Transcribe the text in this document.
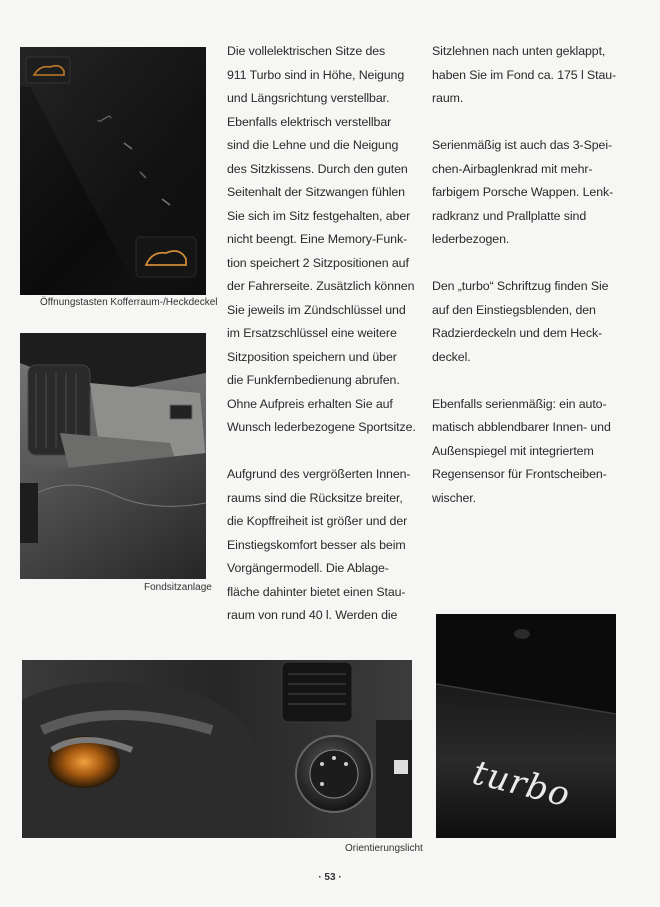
ʃ
Öffnungstasten Kofferraum-/Heckdeckel
Fondsitzanlage
Die vollelektrischen Sitze des
911 Turbo sind in Höhe, Neigung
und Längsrichtung verstellbar.
Ebenfalls elektrisch verstellbar
sind die Lehne und die Neigung
des Sitzkissens. Durch den guten
Seitenhalt der Sitzwangen fühlen
Sie sich im Sitz festgehalten, aber
nicht beengt. Eine Memory-Funk-
tion speichert 2 Sitzpositionen auf
der Fahrerseite. Zusätzlich können
Sie jeweils im Zündschlüssel und
im Ersatzschlüssel eine weitere
Sitzposition speichern und über
die Funkfernbedienung abrufen.
Ohne Aufpreis erhalten Sie auf
Wunsch lederbezogene Sportsitze.
Aufgrund des vergrößerten Innen-
raums sind die Rücksitze breiter,
die Kopffreiheit ist größer und der
Einstiegskomfort besser als beim
Vorgängermodell. Die Ablage-
fläche dahinter bietet einen Stau-
raum von rund 40 l. Werden die
Sitzlehnen nach unten geklappt,
haben Sie im Fond ca. 175 l Stau-
raum.
Serienmäßig ist auch das 3-Spei-
chen-Airbaglenkrad mit mehr-
farbigem Porsche Wappen. Lenk-
radkranz und Prallplatte sind
lederbezogen.
Den „turbo“ Schriftzug finden Sie
auf den Einstiegsblenden, den
Radzierdeckeln und dem Heck-
deckel.
Ebenfalls serienmäßig: ein auto-
matisch abblendbarer Innen- und
Außenspiegel mit integriertem
Regensensor für Frontscheiben-
wischer.
Orientierungslicht
turbo
· 53 ·
